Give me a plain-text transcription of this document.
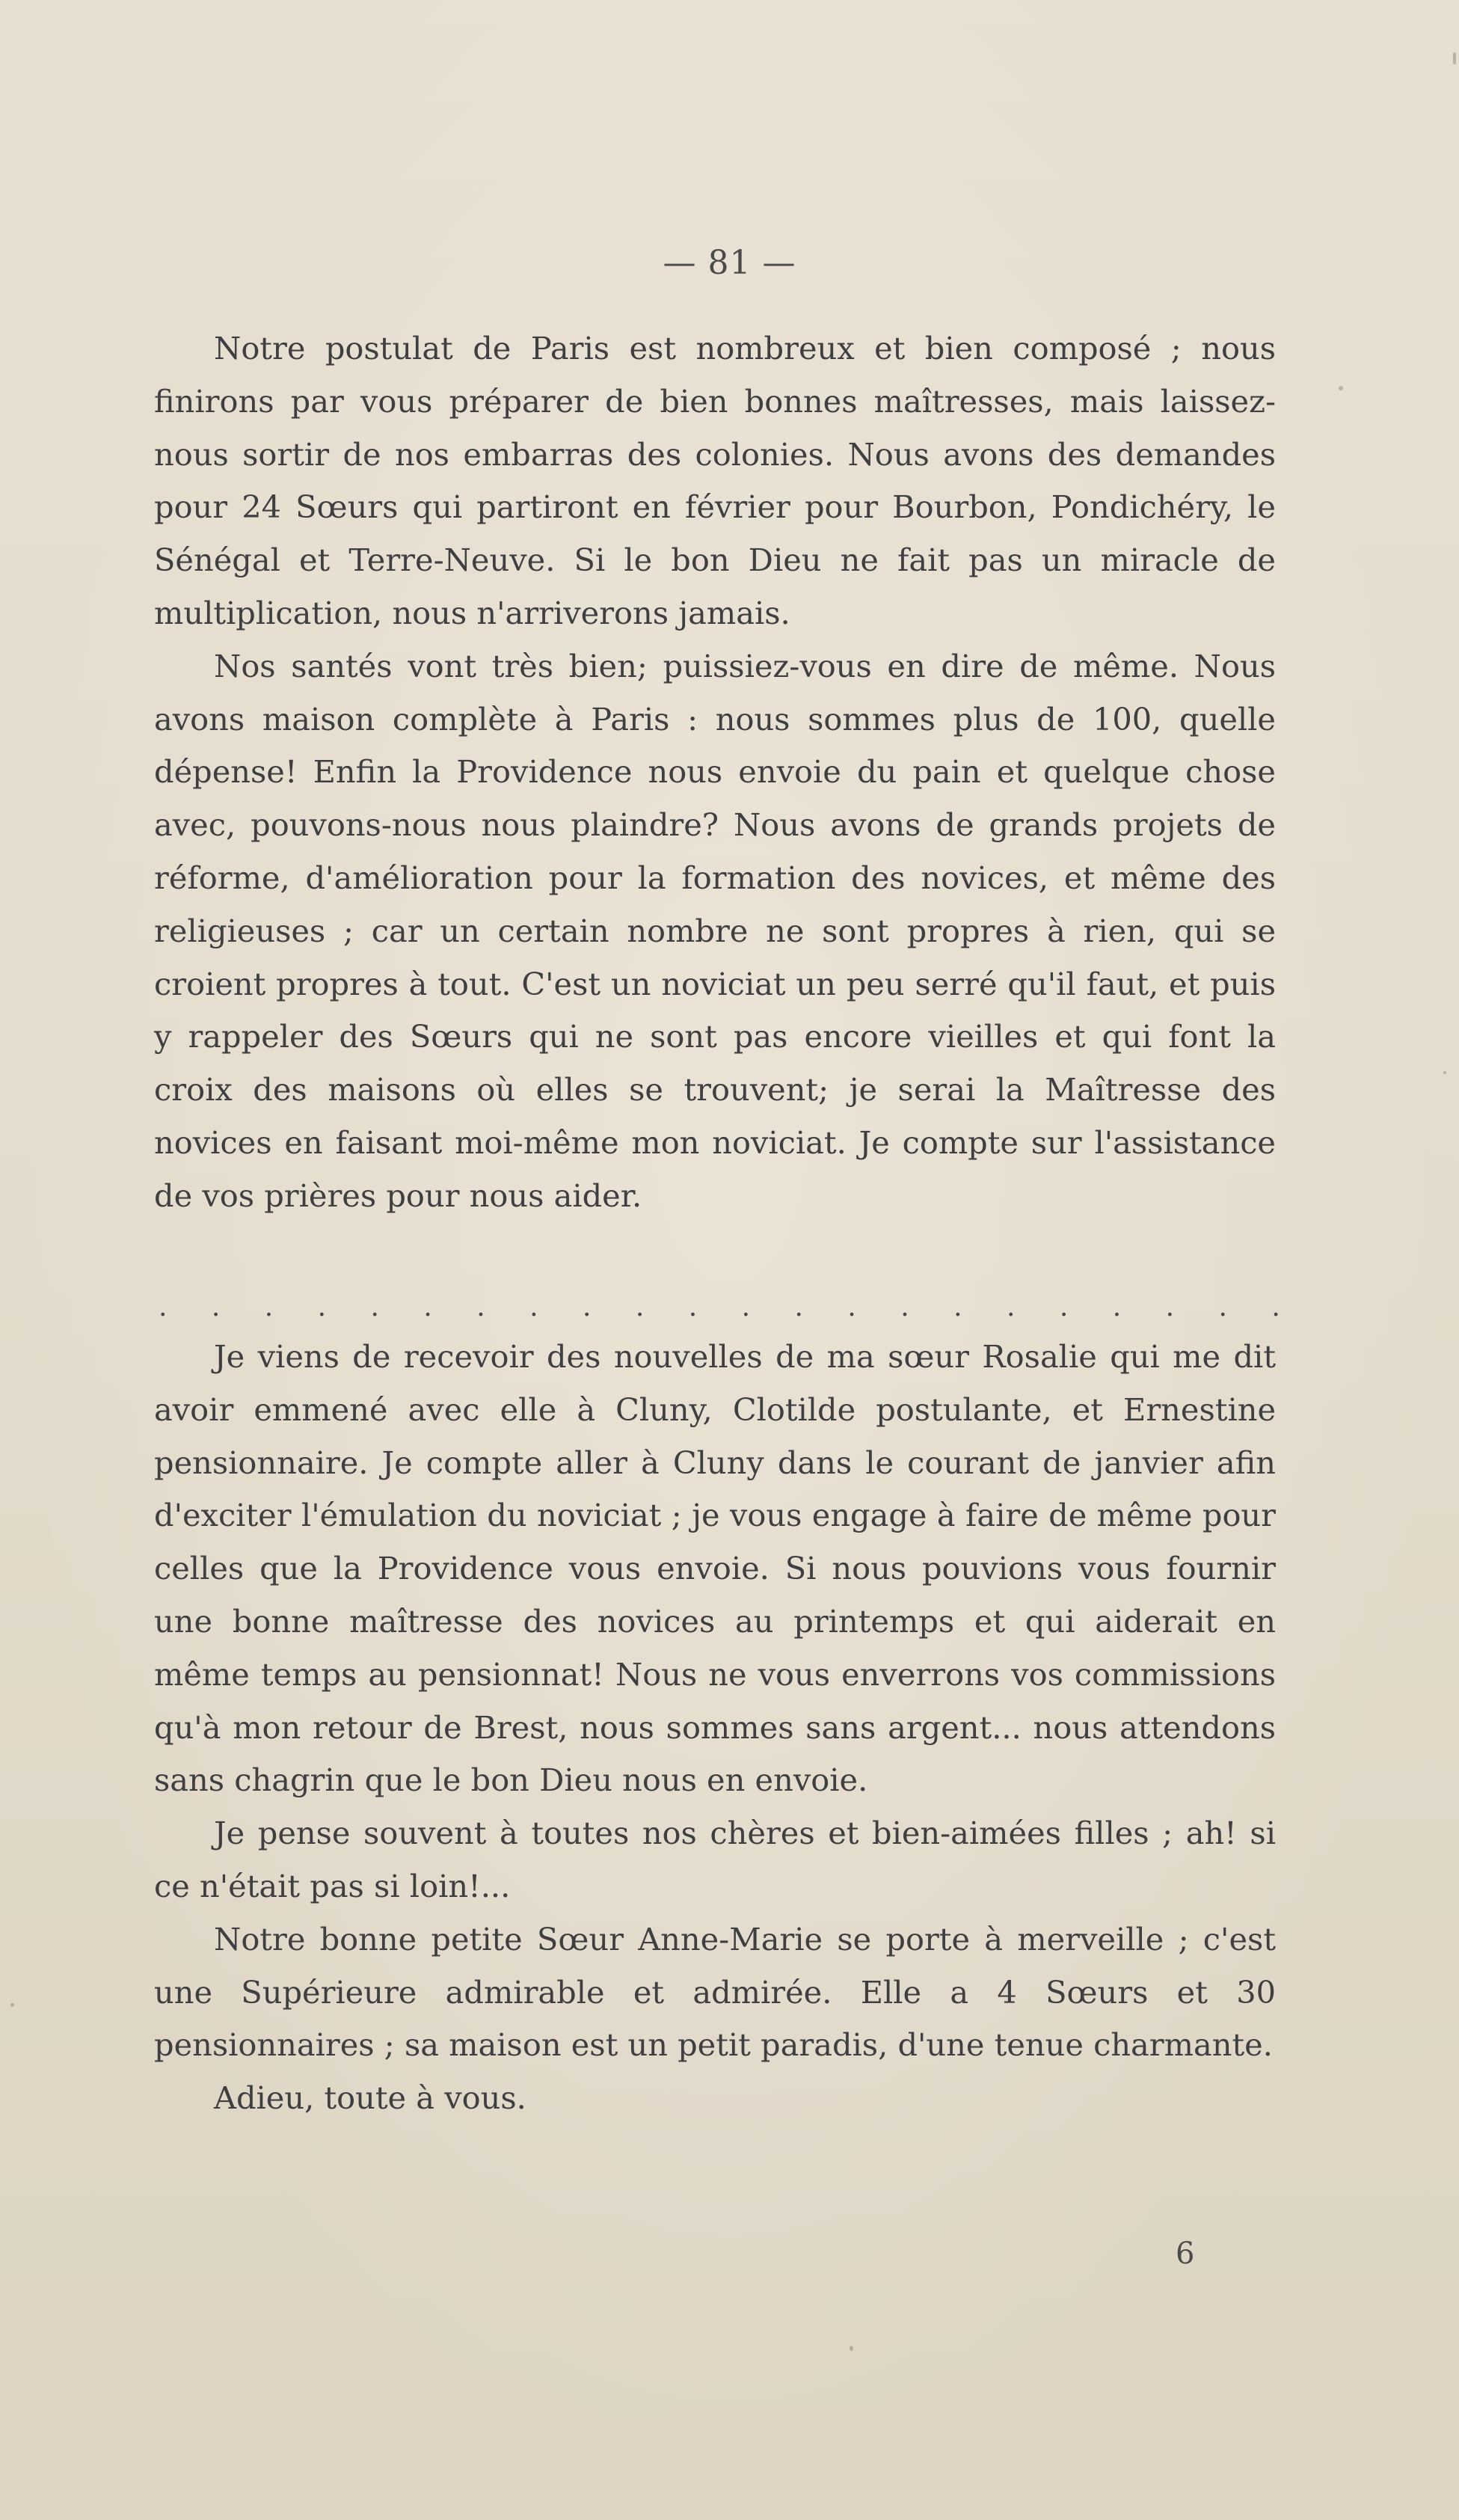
— 81 —

Notre postulat de Paris est nombreux et bien composé ; nous finirons par vous préparer de bien bonnes maîtresses, mais laissez-nous sortir de nos embarras des colonies. Nous avons des demandes pour 24 Sœurs qui partiront en février pour Bourbon, Pondichéry, le Sénégal et Terre-Neuve. Si le bon Dieu ne fait pas un miracle de multiplication, nous n'arriverons jamais.

Nos santés vont très bien; puissiez-vous en dire de même. Nous avons maison complète à Paris : nous sommes plus de 100, quelle dépense! Enfin la Providence nous envoie du pain et quelque chose avec, pouvons-nous nous plaindre? Nous avons de grands projets de réforme, d'amélioration pour la formation des novices, et même des religieuses ; car un certain nombre ne sont propres à rien, qui se croient propres à tout. C'est un noviciat un peu serré qu'il faut, et puis y rappeler des Sœurs qui ne sont pas encore vieilles et qui font la croix des maisons où elles se trouvent; je serai la Maîtresse des novices en faisant moi-même mon noviciat. Je compte sur l'assistance de vos prières pour nous aider.

. . . . . . . . . . . . . . . . . . . . . .

Je viens de recevoir des nouvelles de ma sœur Rosalie qui me dit avoir emmené avec elle à Cluny, Clotilde postulante, et Ernestine pensionnaire. Je compte aller à Cluny dans le courant de janvier afin d'exciter l'émulation du noviciat ; je vous engage à faire de même pour celles que la Providence vous envoie. Si nous pouvions vous fournir une bonne maîtresse des novices au printemps et qui aiderait en même temps au pensionnat! Nous ne vous enverrons vos commissions qu'à mon retour de Brest, nous sommes sans argent... nous attendons sans chagrin que le bon Dieu nous en envoie.

Je pense souvent à toutes nos chères et bien-aimées filles ; ah! si ce n'était pas si loin!...

Notre bonne petite Sœur Anne-Marie se porte à merveille ; c'est une Supérieure admirable et admirée. Elle a 4 Sœurs et 30 pensionnaires ; sa maison est un petit paradis, d'une tenue charmante.

Adieu, toute à vous.

6
